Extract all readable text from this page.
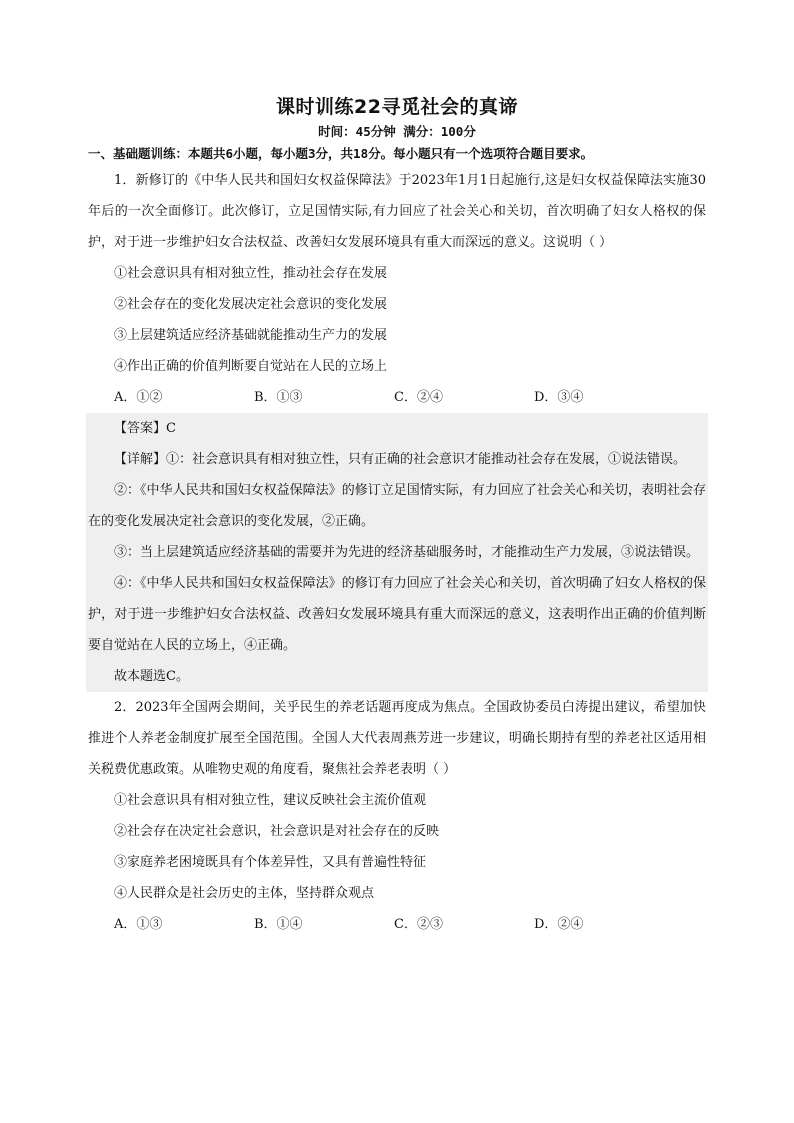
课时训练22寻觅社会的真谛
时间：45分钟 满分：100分
一、基础题训练：本题共6小题，每小题3分，共18分。每小题只有一个选项符合题目要求。
1．新修订的《中华人民共和国妇女权益保障法》于2023年1月1日起施行,这是妇女权益保障法实施30年后的一次全面修订。此次修订，立足国情实际,有力回应了社会关心和关切，首次明确了妇女人格权的保护，对于进一步维护妇女合法权益、改善妇女发展环境具有重大而深远的意义。这说明（ ）
①社会意识具有相对独立性，推动社会存在发展
②社会存在的变化发展决定社会意识的变化发展
③上层建筑适应经济基础就能推动生产力的发展
④作出正确的价值判断要自觉站在人民的立场上
A．①②	B．①③	C．②④	D．③④
【答案】C
【详解】①：社会意识具有相对独立性，只有正确的社会意识才能推动社会存在发展，①说法错误。
②：《中华人民共和国妇女权益保障法》的修订立足国情实际，有力回应了社会关心和关切，表明社会存在的变化发展决定社会意识的变化发展，②正确。
③：当上层建筑适应经济基础的需要并为先进的经济基础服务时，才能推动生产力发展，③说法错误。
④：《中华人民共和国妇女权益保障法》的修订有力回应了社会关心和关切，首次明确了妇女人格权的保护，对于进一步维护妇女合法权益、改善妇女发展环境具有重大而深远的意义，这表明作出正确的价值判断要自觉站在人民的立场上，④正确。
故本题选C。
2．2023年全国两会期间，关乎民生的养老话题再度成为焦点。全国政协委员白涛提出建议，希望加快推进个人养老金制度扩展至全国范围。全国人大代表周燕芳进一步建议，明确长期持有型的养老社区适用相关税费优惠政策。从唯物史观的角度看，聚焦社会养老表明（ ）
①社会意识具有相对独立性，建议反映社会主流价值观
②社会存在决定社会意识，社会意识是对社会存在的反映
③家庭养老困境既具有个体差异性，又具有普遍性特征
④人民群众是社会历史的主体，坚持群众观点
A．①③	B．①④	C．②③	D．②④
